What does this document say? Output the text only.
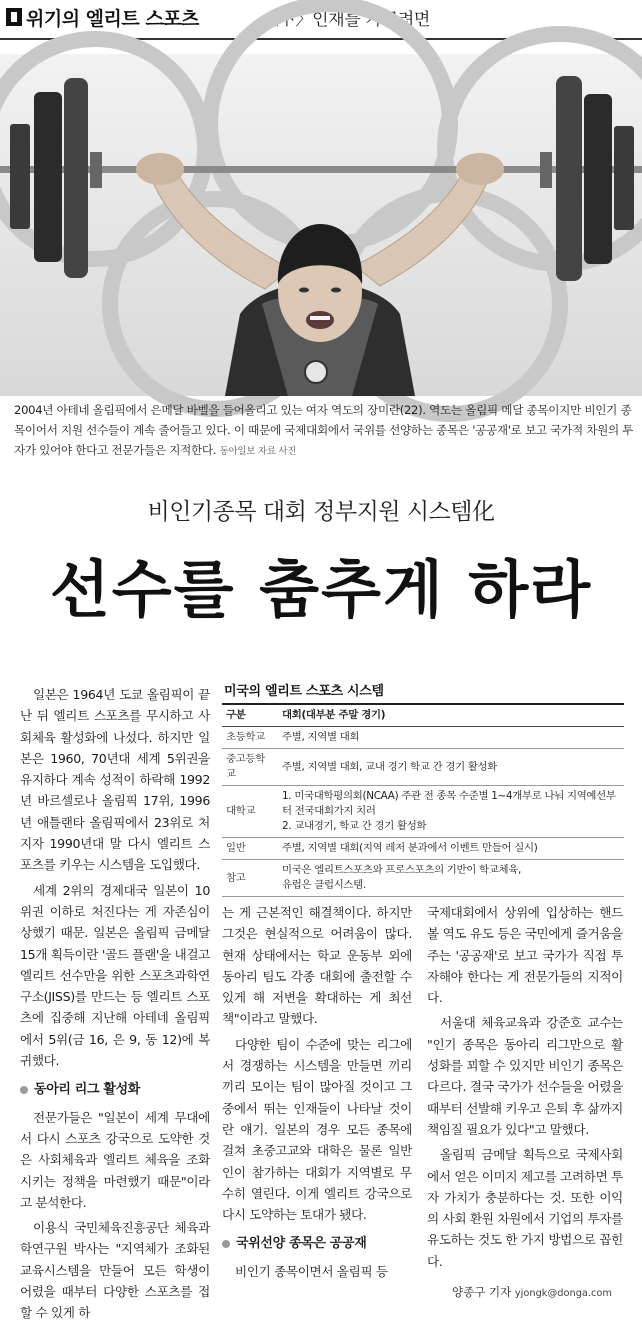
위기의 엘리트 스포츠	〈下〉인재를 가꾸려면
2004년 아테네 올림픽에서 은메달 바벨을 들어올리고 있는 여자 역도의 장미란(22). 역도는 올림픽 메달 종목이지만 비인기 종목이어서 지원 선수들이 계속 줄어들고 있다. 이 때문에 국제대회에서 국위를 선양하는 종목은 '공공재'로 보고 국가적 차원의 투자가 있어야 한다고 전문가들은 지적한다. 동아일보 자료 사진
비인기종목 대회 정부지원 시스템化
선수를 춤추게 하라

일본은 1964년 도쿄 올림픽이 끝난 뒤 엘리트 스포츠를 무시하고 사회체육 활성화에 나섰다. 하지만 일본은 1960, 70년대 세계 5위권을 유지하다 계속 성적이 하락해 1992년 바르셀로나 올림픽 17위, 1996년 애틀랜타 올림픽에서 23위로 처지자 1990년대 말 다시 엘리트 스포츠를 키우는 시스템을 도입했다.

세계 2위의 경제대국 일본이 10위권 이하로 처진다는 게 자존심이 상했기 때문. 일본은 올림픽 금메달 15개 획득이란 '골드 플랜'을 내걸고 엘리트 선수만을 위한 스포츠과학연구소(JISS)를 만드는 등 엘리트 스포츠에 집중해 지난해 아테네 올림픽에서 5위(금 16, 은 9, 동 12)에 복귀했다.

동아리 리그 활성화

전문가들은 "일본이 세계 무대에서 다시 스포츠 강국으로 도약한 것은 사회체육과 엘리트 체육을 조화시키는 정책을 마련했기 때문"이라고 분석한다.

이용식 국민체육진흥공단 체육과학연구원 박사는 "지역체가 조화된 교육시스템을 만들어 모든 학생이 어렸을 때부터 다양한 스포츠를 접할 수 있게 하

미국의 엘리트 스포츠 시스템
구분	대회(대부분 주말 경기)
초등학교	주별, 지역별 대회
중고등학교	주별, 지역별 대회, 교내 경기 학교 간 경기 활성화
대학교	1. 미국대학평의회(NCAA) 주관 전 종목 수준별 1~4개부로 나눠 지역예선부터 전국대회가지 치러
2. 교내경기, 학교 간 경기 활성화

일반	주별, 지역별 대회(지역 레저 분과에서 이벤트 만들어 실시)
참고	미국은 엘리트스포츠와 프로스포츠의 기반이 학교체육,
유럽은 클럽시스템.

는 게 근본적인 해결책이다. 하지만 그것은 현실적으로 어려움이 많다. 현재 상태에서는 학교 운동부 외에 동아리 팀도 각종 대회에 출전할 수 있게 해 저변을 확대하는 게 최선책"이라고 말했다.

다양한 팀이 수준에 맞는 리그에서 경쟁하는 시스템을 만들면 끼리끼리 모이는 팀이 많아질 것이고 그중에서 뛰는 인재들이 나타날 것이란 얘기. 일본의 경우 모든 종목에 걸쳐 초중고교와 대학은 물론 일반인이 참가하는 대회가 지역별로 무수히 열린다. 이게 엘리트 강국으로 다시 도약하는 토대가 됐다.

국위선양 종목은 공공재

비인기 종목이면서 올림픽 등

국제대회에서 상위에 입상하는 핸드볼 역도 유도 등은 국민에게 즐거움을 주는 '공공재'로 보고 국가가 직접 투자해야 한다는 게 전문가들의 지적이다.

서울대 체육교육과 강준호 교수는 "인기 종목은 동아리 리그만으로 활성화를 꾀할 수 있지만 비인기 종목은 다르다. 결국 국가가 선수들을 어렸을 때부터 선발해 키우고 은퇴 후 삶까지 책임질 필요가 있다"고 말했다.

올림픽 금메달 획득으로 국제사회에서 얻은 이미지 제고를 고려하면 투자 가치가 충분하다는 것. 또한 이익의 사회 환원 차원에서 기업의 투자를 유도하는 것도 한 가지 방법으로 꼽힌다.

양종구 기자 yjongk@donga.com
